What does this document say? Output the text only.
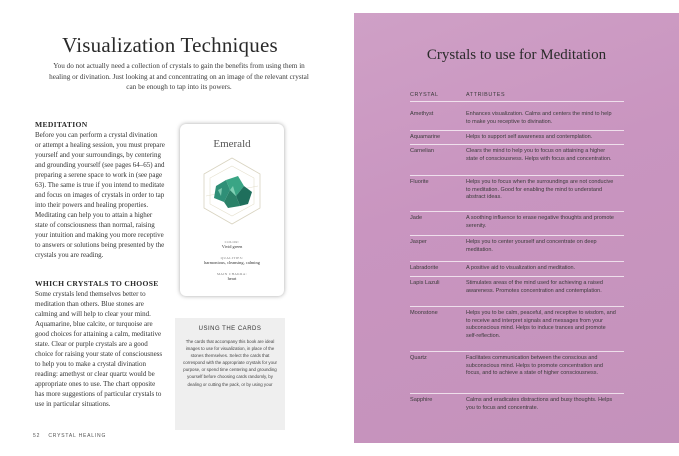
Visualization Techniques
You do not actually need a collection of crystals to gain the benefits from using them in healing or divination. Just looking at and concentrating on an image of the relevant crystal can be enough to tap into its powers.
MEDITATION
Before you can perform a crystal divination or attempt a healing session, you must prepare yourself and your surroundings, by centering and grounding yourself (see pages 64–65) and preparing a serene space to work in (see page 63). The same is true if you intend to meditate and focus on images of crystals in order to tap into their powers and healing properties. Meditating can help you to attain a higher state of consciousness than normal, raising your intuition and making you more receptive to answers or solutions being presented by the crystals you are reading.
WHICH CRYSTALS TO CHOOSE
Some crystals lend themselves better to meditation than others. Blue stones are calming and will help to clear your mind. Aquamarine, blue calcite, or turquoise are good choices for attaining a calm, meditative state. Clear or purple crystals are a good choice for raising your state of consciousness to help you to make a crystal divination reading: amethyst or clear quartz would be appropriate ones to use. The chart opposite has more suggestions of particular crystals to use in particular situations.
Emerald
COLOR:
Vivid green
QUALITIES:
harmonious, cleansing, calming
MAIN CHAKRA:
heart
USING THE CARDS
The cards that accompany this book are ideal images to use for visualization, in place of the stones themselves. Select the cards that correspond with the appropriate crystals for your purpose, or spend time centering and grounding yourself before choosing cards randomly, by dealing or cutting the pack, or by using your
52 CRYSTAL HEALING
Crystals to use for Meditation
CRYSTAL	ATTRIBUTES
Amethyst	Enhances visualization. Calms and centers the mind to help to make you receptive to divination.
Aquamarine	Helps to support self awareness and contemplation.
Carnelian	Clears the mind to help you to focus on attaining a higher state of consciousness. Helps with focus and concentration.
Fluorite	Helps you to focus when the surroundings are not conducive to meditation. Good for enabling the mind to understand abstract ideas.
Jade	A soothing influence to erase negative thoughts and promote serenity.
Jasper	Helps you to center yourself and concentrate on deep meditation.
Labradorite	A positive aid to visualization and meditation.
Lapis Lazuli	Stimulates areas of the mind used for achieving a raised awareness. Promotes concentration and contemplation.
Moonstone	Helps you to be calm, peaceful, and receptive to wisdom, and to receive and interpret signals and messages from your subconscious mind. Helps to induce trances and promote self-reflection.
Quartz	Facilitates communication between the conscious and subconscious mind. Helps to promote concentration and focus, and to achieve a state of higher consciousness.
Sapphire	Calms and eradicates distractions and busy thoughts. Helps you to focus and concentrate.
